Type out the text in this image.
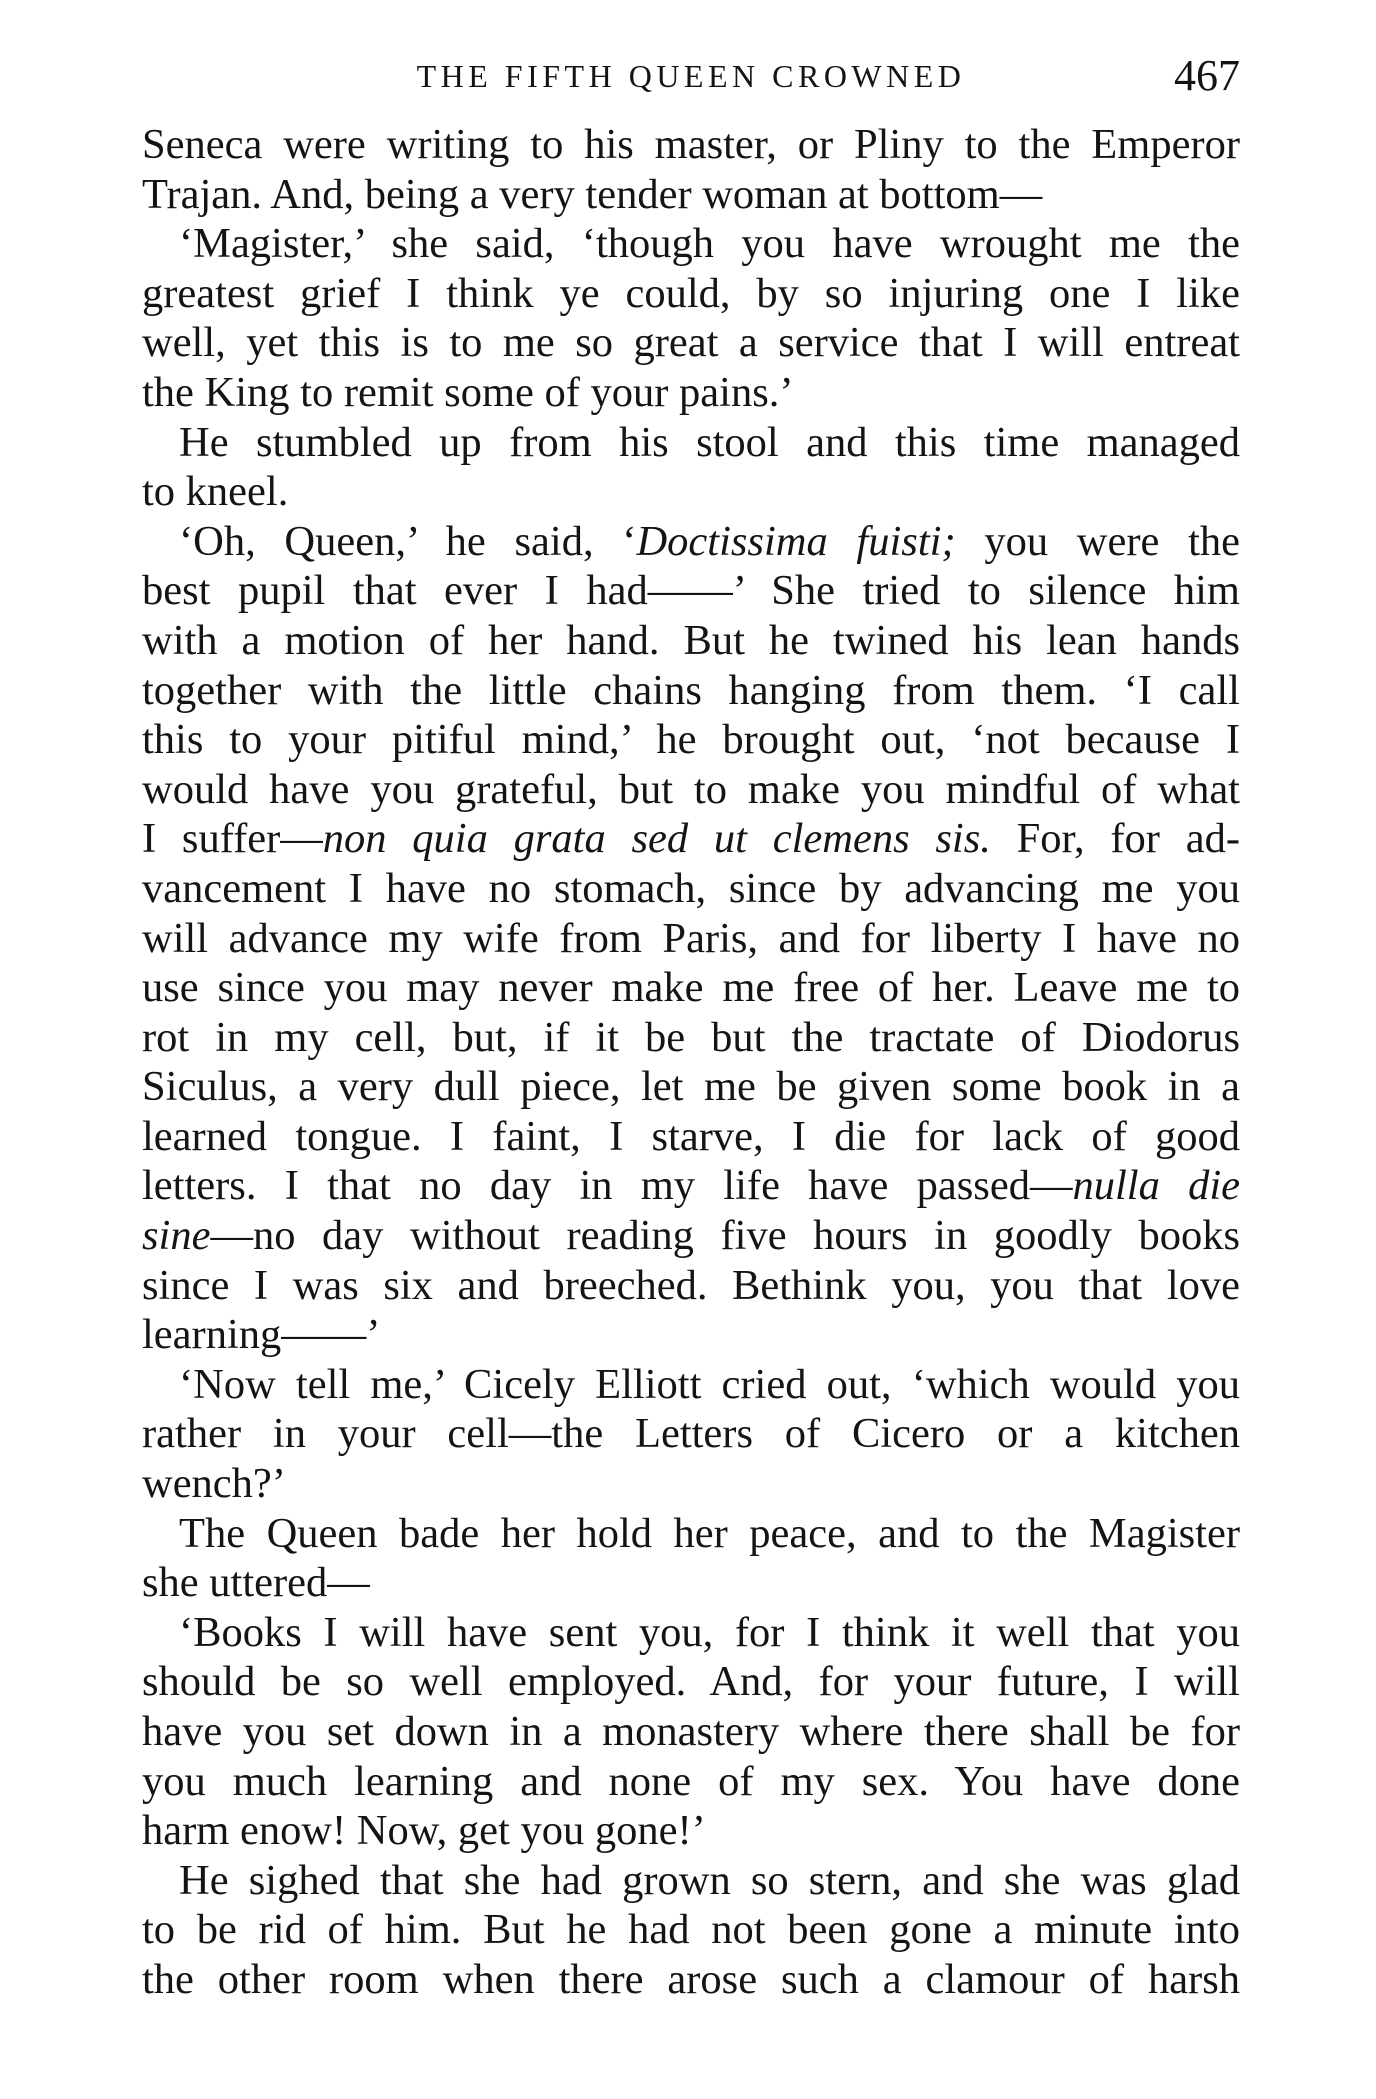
THE FIFTH QUEEN CROWNED	467
Seneca were writing to his master, or Pliny to the Emperor
Trajan. And, being a very tender woman at bottom—
‘Magister,’ she said, ‘though you have wrought me the
greatest grief I think ye could, by so injuring one I like
well, yet this is to me so great a service that I will entreat
the King to remit some of your pains.’
He stumbled up from his stool and this time managed
to kneel.
‘Oh, Queen,’ he said, ‘Doctissima fuisti; you were the
best pupil that ever I had——’ She tried to silence him
with a motion of her hand. But he twined his lean hands
together with the little chains hanging from them. ‘I call
this to your pitiful mind,’ he brought out, ‘not because I
would have you grateful, but to make you mindful of what
I suffer—non quia grata sed ut clemens sis. For, for ad-
vancement I have no stomach, since by advancing me you
will advance my wife from Paris, and for liberty I have no
use since you may never make me free of her. Leave me to
rot in my cell, but, if it be but the tractate of Diodorus
Siculus, a very dull piece, let me be given some book in a
learned tongue. I faint, I starve, I die for lack of good
letters. I that no day in my life have passed—nulla die
sine—no day without reading five hours in goodly books
since I was six and breeched. Bethink you, you that love
learning——’
‘Now tell me,’ Cicely Elliott cried out, ‘which would you
rather in your cell—the Letters of Cicero or a kitchen
wench?’
The Queen bade her hold her peace, and to the Magister
she uttered—
‘Books I will have sent you, for I think it well that you
should be so well employed. And, for your future, I will
have you set down in a monastery where there shall be for
you much learning and none of my sex. You have done
harm enow! Now, get you gone!’
He sighed that she had grown so stern, and she was glad
to be rid of him. But he had not been gone a minute into
the other room when there arose such a clamour of harsh
